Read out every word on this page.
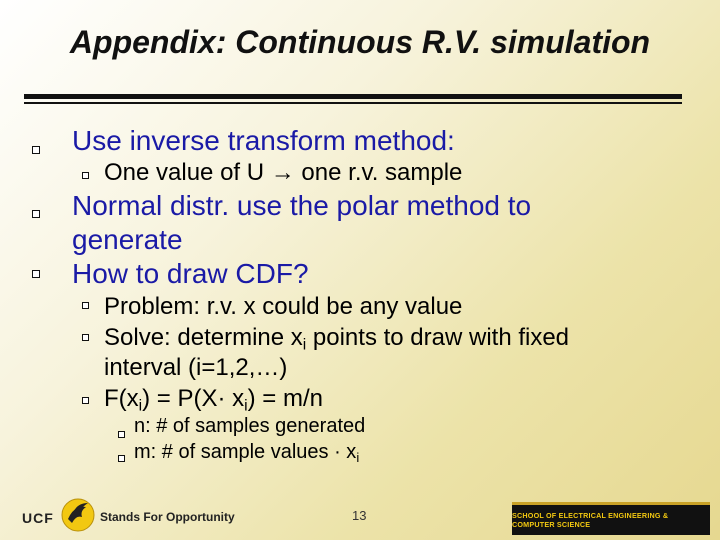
Appendix: Continuous R.V. simulation
Use inverse transform method:
One value of U → one r.v. sample
Normal distr. use the polar method to
generate
How to draw CDF?
Problem: r.v. x could be any value
Solve: determine $x_i$ points to draw with fixed
interval (i=1,2,…)
$F(x_i) = P(X\cdot x_i) = m/n$
n: # of samples generated
m: # of sample values · $x_i$
UCF	Stands For Opportunity	13	SCHOOL OF ELECTRICAL ENGINEERING & COMPUTER SCIENCE
